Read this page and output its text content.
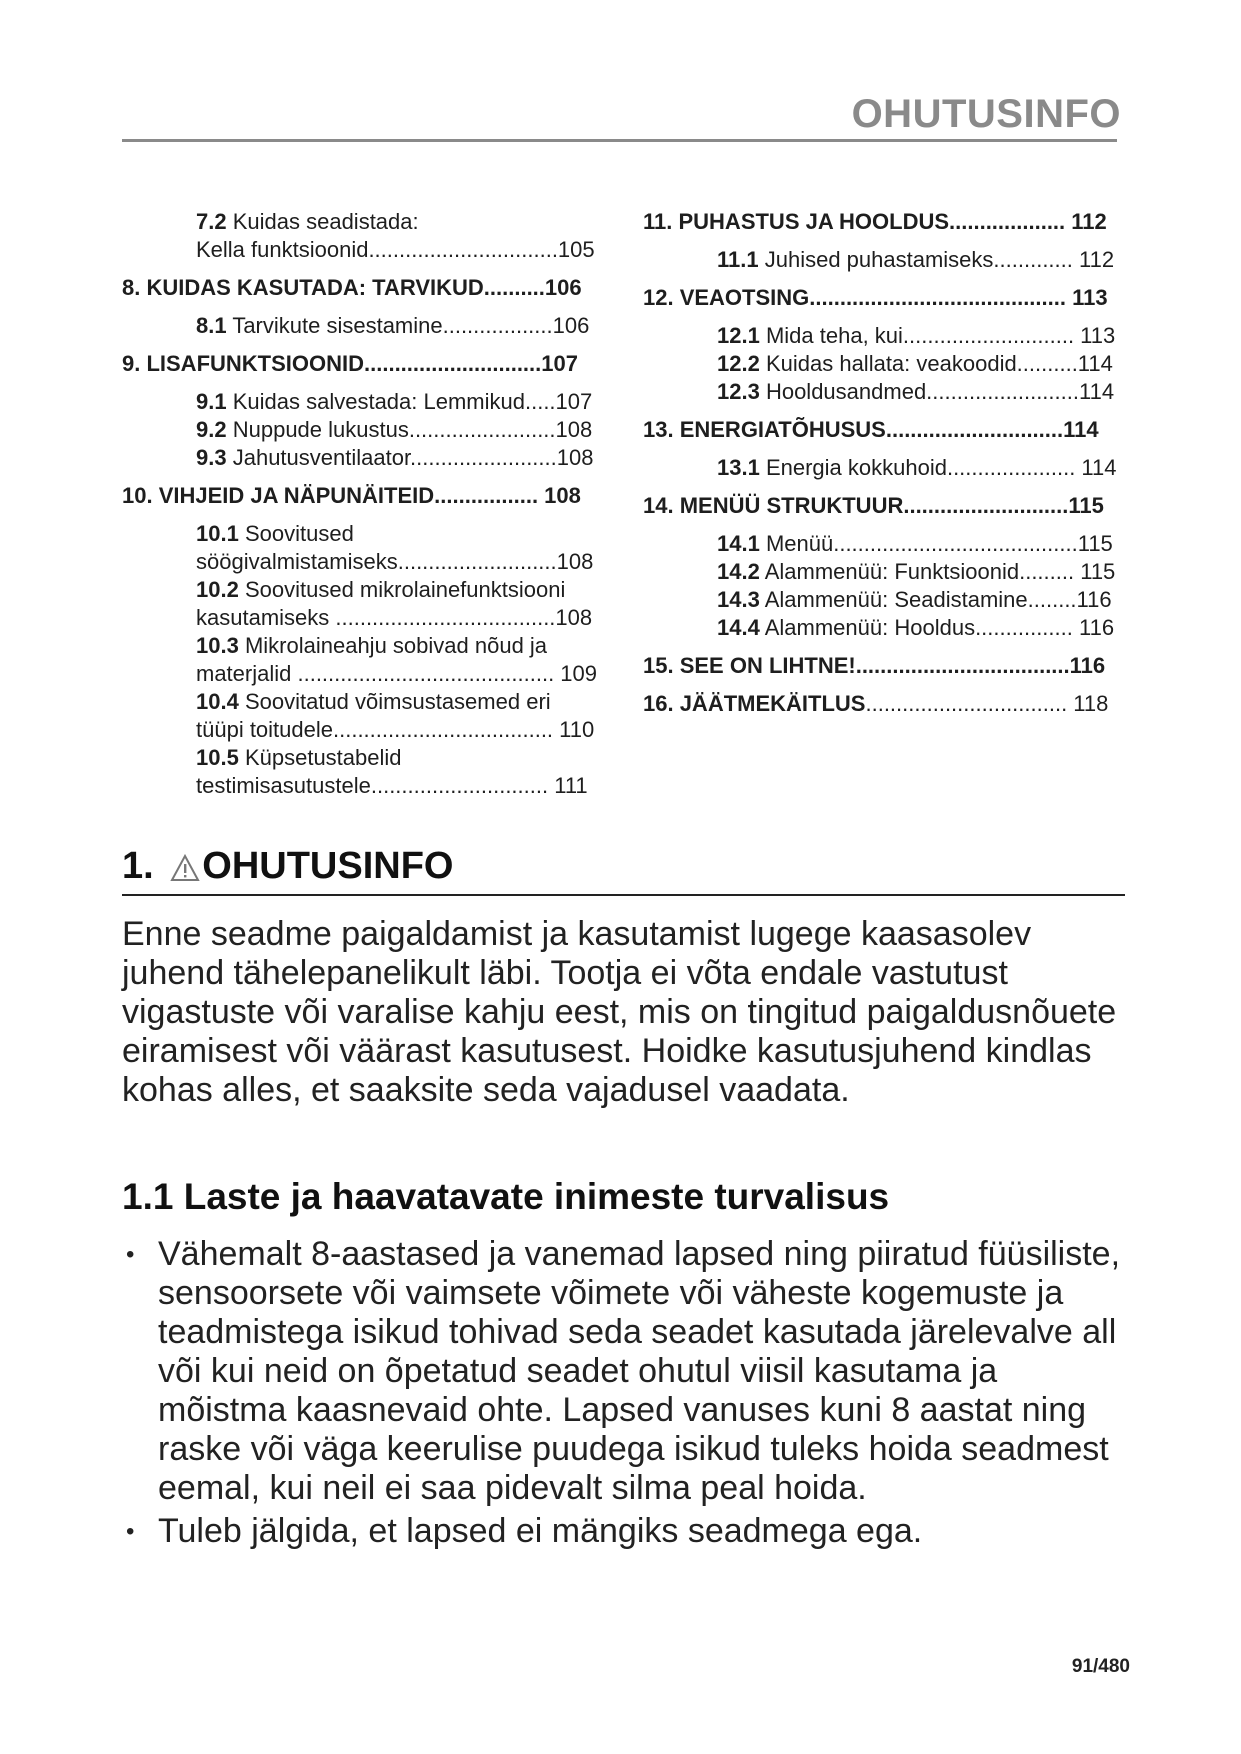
OHUTUSINFO
7.2 Kuidas seadistada:
Kella funktsioonid...............................105
8. KUIDAS KASUTADA: TARVIKUD..........106
8.1 Tarvikute sisestamine..................106
9. LISAFUNKTSIOONID.............................107
9.1 Kuidas salvestada: Lemmikud.....107
9.2 Nuppude lukustus........................108
9.3 Jahutusventilaator........................108
10. VIHJEID JA NÄPUNÄITEID................. 108
10.1 Soovitused
söögivalmistamiseks..........................108
10.2 Soovitused mikrolainefunktsiooni
kasutamiseks ....................................108
10.3 Mikrolaineahju sobivad nõud ja
materjalid .......................................... 109
10.4 Soovitatud võimsustasemed eri
tüüpi toitudele.................................... 110
10.5 Küpsetustabelid
testimisasutustele............................. 111
11. PUHASTUS JA HOOLDUS................... 112
11.1 Juhised puhastamiseks............. 112
12. VEAOTSING.......................................... 113
12.1 Mida teha, kui............................ 113
12.2 Kuidas hallata: veakoodid..........114
12.3 Hooldusandmed.........................114
13. ENERGIATÕHUSUS.............................114
13.1 Energia kokkuhoid..................... 114
14. MENÜÜ STRUKTUUR...........................115
14.1 Menüü........................................115
14.2 Alammenüü: Funktsioonid......... 115
14.3 Alammenüü: Seadistamine........116
14.4 Alammenüü: Hooldus................ 116
15. SEE ON LIHTNE!...................................116
16. JÄÄTMEKÄITLUS................................. 118
1. OHUTUSINFO
Enne seadme paigaldamist ja kasutamist lugege kaasasolev juhend tähelepanelikult läbi. Tootja ei võta endale vastutust vigastuste või varalise kahju eest, mis on tingitud paigaldusnõuete eiramisest või väärast kasutusest. Hoidke kasutusjuhend kindlas kohas alles, et saaksite seda vajadusel vaadata.
1.1 Laste ja haavatavate inimeste turvalisus
• Vähemalt 8-aastased ja vanemad lapsed ning piiratud füüsiliste, sensoorsete või vaimsete võimete või väheste kogemuste ja teadmistega isikud tohivad seda seadet kasutada järelevalve all või kui neid on õpetatud seadet ohutul viisil kasutama ja mõistma kaasnevaid ohte. Lapsed vanuses kuni 8 aastat ning raske või väga keerulise puudega isikud tuleks hoida seadmest eemal, kui neil ei saa pidevalt silma peal hoida.
• Tuleb jälgida, et lapsed ei mängiks seadmega ega.
91/480
